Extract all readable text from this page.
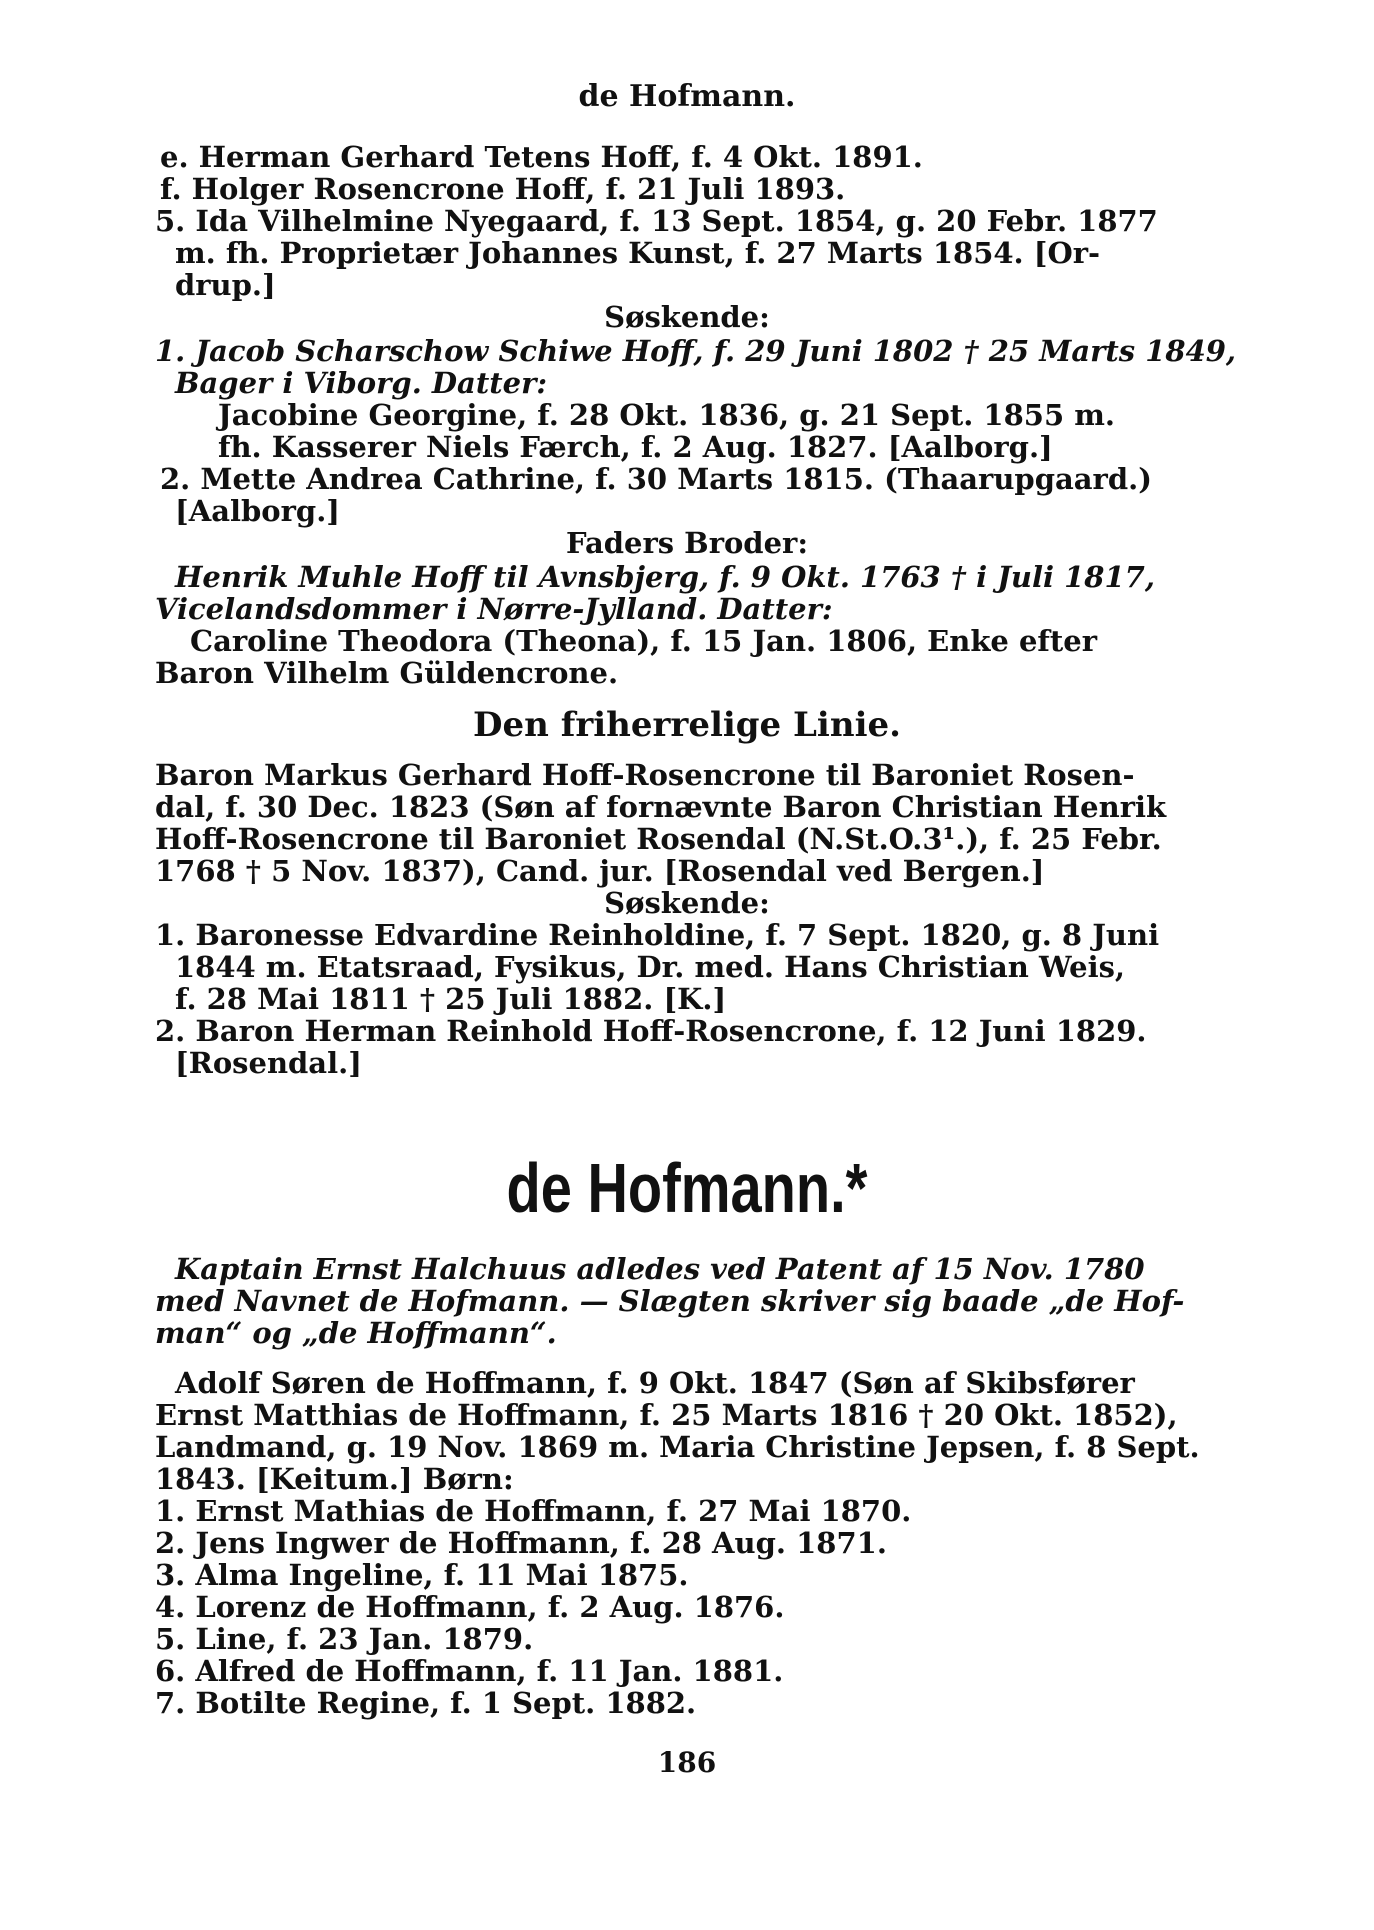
de Hofmann.
e. Herman Gerhard Tetens Hoff, f. 4 Okt. 1891.
f. Holger Rosencrone Hoff, f. 21 Juli 1893.
5. Ida Vilhelmine Nyegaard, f. 13 Sept. 1854, g. 20 Febr. 1877
m. fh. Proprietær Johannes Kunst, f. 27 Marts 1854. [Or-
drup.]
Søskende:
1. Jacob Scharschow Schiwe Hoff, f. 29 Juni 1802 † 25 Marts 1849,
Bager i Viborg. Datter:
Jacobine Georgine, f. 28 Okt. 1836, g. 21 Sept. 1855 m.
fh. Kasserer Niels Færch, f. 2 Aug. 1827. [Aalborg.]
2. Mette Andrea Cathrine, f. 30 Marts 1815. (Thaarupgaard.)
[Aalborg.]
Faders Broder:
Henrik Muhle Hoff til Avnsbjerg, f. 9 Okt. 1763 † i Juli 1817,
Vicelandsdommer i Nørre-Jylland. Datter:
Caroline Theodora (Theona), f. 15 Jan. 1806, Enke efter
Baron Vilhelm Güldencrone.
Den friherrelige Linie.
Baron Markus Gerhard Hoff-Rosencrone til Baroniet Rosen-
dal, f. 30 Dec. 1823 (Søn af fornævnte Baron Christian Henrik
Hoff-Rosencrone til Baroniet Rosendal (N.St.O.3¹.), f. 25 Febr.
1768 † 5 Nov. 1837), Cand. jur. [Rosendal ved Bergen.]
Søskende:
1. Baronesse Edvardine Reinholdine, f. 7 Sept. 1820, g. 8 Juni
1844 m. Etatsraad, Fysikus, Dr. med. Hans Christian Weis,
f. 28 Mai 1811 † 25 Juli 1882. [K.]
2. Baron Herman Reinhold Hoff-Rosencrone, f. 12 Juni 1829.
[Rosendal.]
de Hofmann.*
Kaptain Ernst Halchuus adledes ved Patent af 15 Nov. 1780
med Navnet de Hofmann. — Slægten skriver sig baade „de Hof-
man“ og „de Hoffmann“.
Adolf Søren de Hoffmann, f. 9 Okt. 1847 (Søn af Skibsfører
Ernst Matthias de Hoffmann, f. 25 Marts 1816 † 20 Okt. 1852),
Landmand, g. 19 Nov. 1869 m. Maria Christine Jepsen, f. 8 Sept.
1843. [Keitum.] Børn:
1. Ernst Mathias de Hoffmann, f. 27 Mai 1870.
2. Jens Ingwer de Hoffmann, f. 28 Aug. 1871.
3. Alma Ingeline, f. 11 Mai 1875.
4. Lorenz de Hoffmann, f. 2 Aug. 1876.
5. Line, f. 23 Jan. 1879.
6. Alfred de Hoffmann, f. 11 Jan. 1881.
7. Botilte Regine, f. 1 Sept. 1882.
186
